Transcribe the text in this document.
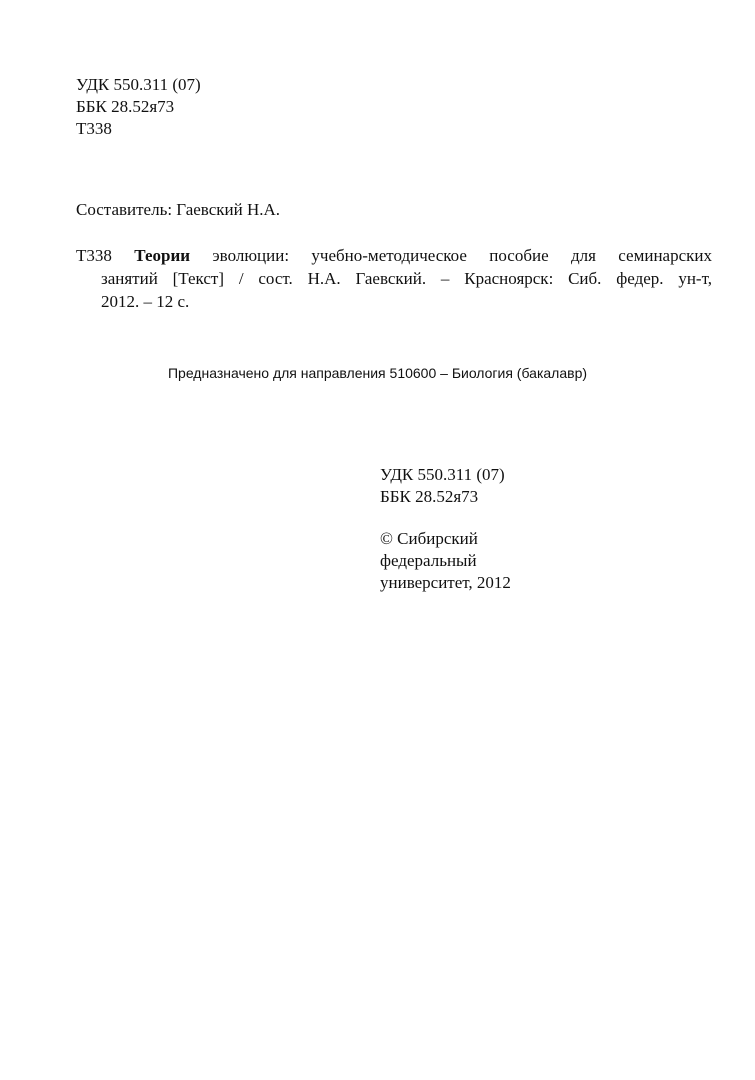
УДК 550.311 (07)
ББК 28.52я73
Т338
Составитель: Гаевский Н.А.
Т338 Теории эволюции: учебно-методическое пособие для семинарских
занятий [Текст] / сост. Н.А. Гаевский. – Красноярск: Сиб. федер. ун-т,
2012. – 12 с.
Предназначено для направления 510600 – Биология (бакалавр)
УДК 550.311 (07)
ББК 28.52я73
© Сибирский
федеральный
университет, 2012
